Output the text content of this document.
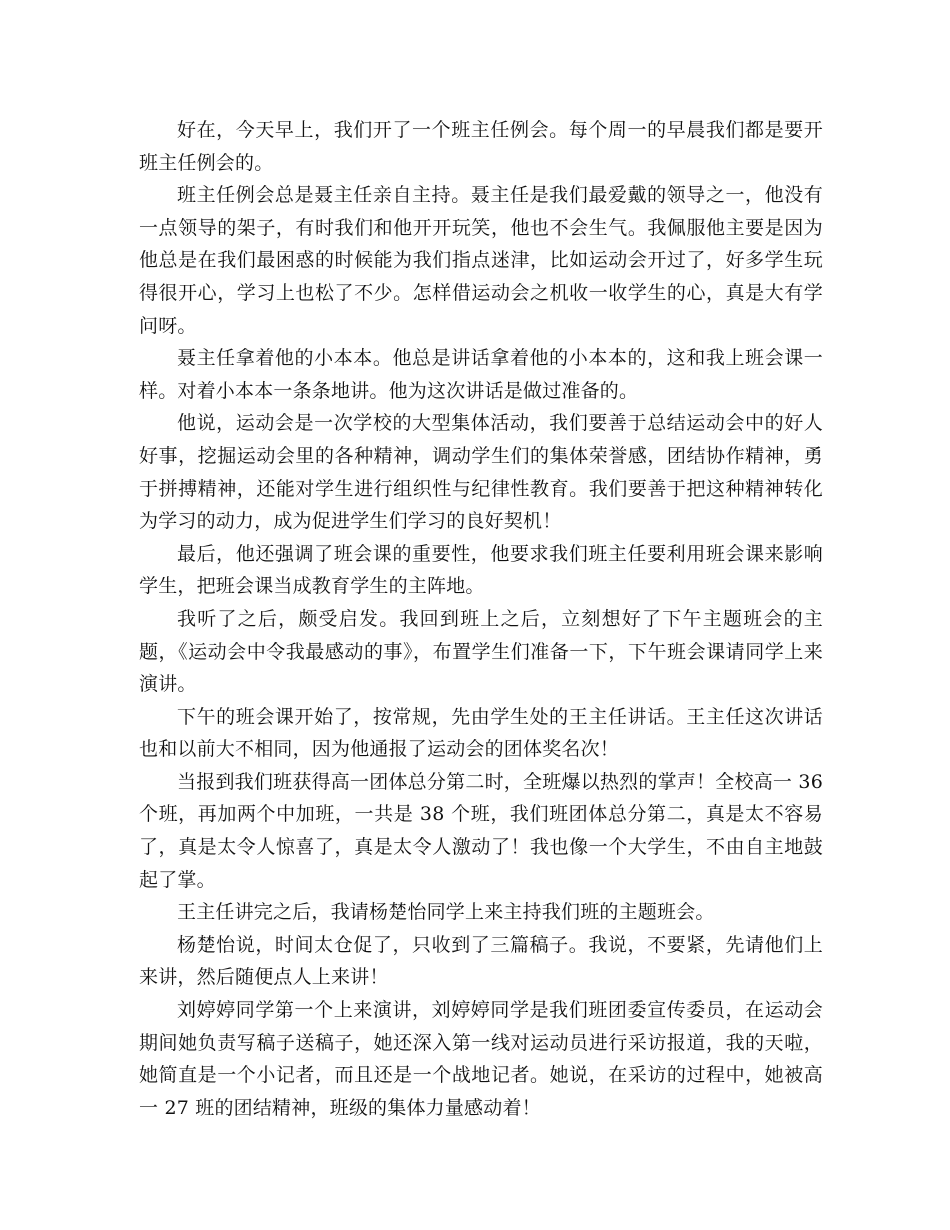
好在，今天早上，我们开了一个班主任例会。每个周一的早晨我们都是要开班主任例会的。

班主任例会总是聂主任亲自主持。聂主任是我们最爱戴的领导之一，他没有一点领导的架子，有时我们和他开开玩笑，他也不会生气。我佩服他主要是因为他总是在我们最困惑的时候能为我们指点迷津，比如运动会开过了，好多学生玩得很开心，学习上也松了不少。怎样借运动会之机收一收学生的心，真是大有学问呀。

聂主任拿着他的小本本。他总是讲话拿着他的小本本的，这和我上班会课一样。对着小本本一条条地讲。他为这次讲话是做过准备的。

他说，运动会是一次学校的大型集体活动，我们要善于总结运动会中的好人好事，挖掘运动会里的各种精神，调动学生们的集体荣誉感，团结协作精神，勇于拼搏精神，还能对学生进行组织性与纪律性教育。我们要善于把这种精神转化为学习的动力，成为促进学生们学习的良好契机！

最后，他还强调了班会课的重要性，他要求我们班主任要利用班会课来影响学生，把班会课当成教育学生的主阵地。

我听了之后，颇受启发。我回到班上之后，立刻想好了下午主题班会的主题，《运动会中令我最感动的事》，布置学生们准备一下，下午班会课请同学上来演讲。

下午的班会课开始了，按常规，先由学生处的王主任讲话。王主任这次讲话也和以前大不相同，因为他通报了运动会的团体奖名次！

当报到我们班获得高一团体总分第二时，全班爆以热烈的掌声！全校高一 36 个班，再加两个中加班，一共是 38 个班，我们班团体总分第二，真是太不容易了，真是太令人惊喜了，真是太令人激动了！我也像一个大学生，不由自主地鼓起了掌。

王主任讲完之后，我请杨楚怡同学上来主持我们班的主题班会。

杨楚怡说，时间太仓促了，只收到了三篇稿子。我说，不要紧，先请他们上来讲，然后随便点人上来讲！

刘婷婷同学第一个上来演讲，刘婷婷同学是我们班团委宣传委员，在运动会期间她负责写稿子送稿子，她还深入第一线对运动员进行采访报道，我的天啦，她简直是一个小记者，而且还是一个战地记者。她说，在采访的过程中，她被高一 27 班的团结精神，班级的集体力量感动着！
